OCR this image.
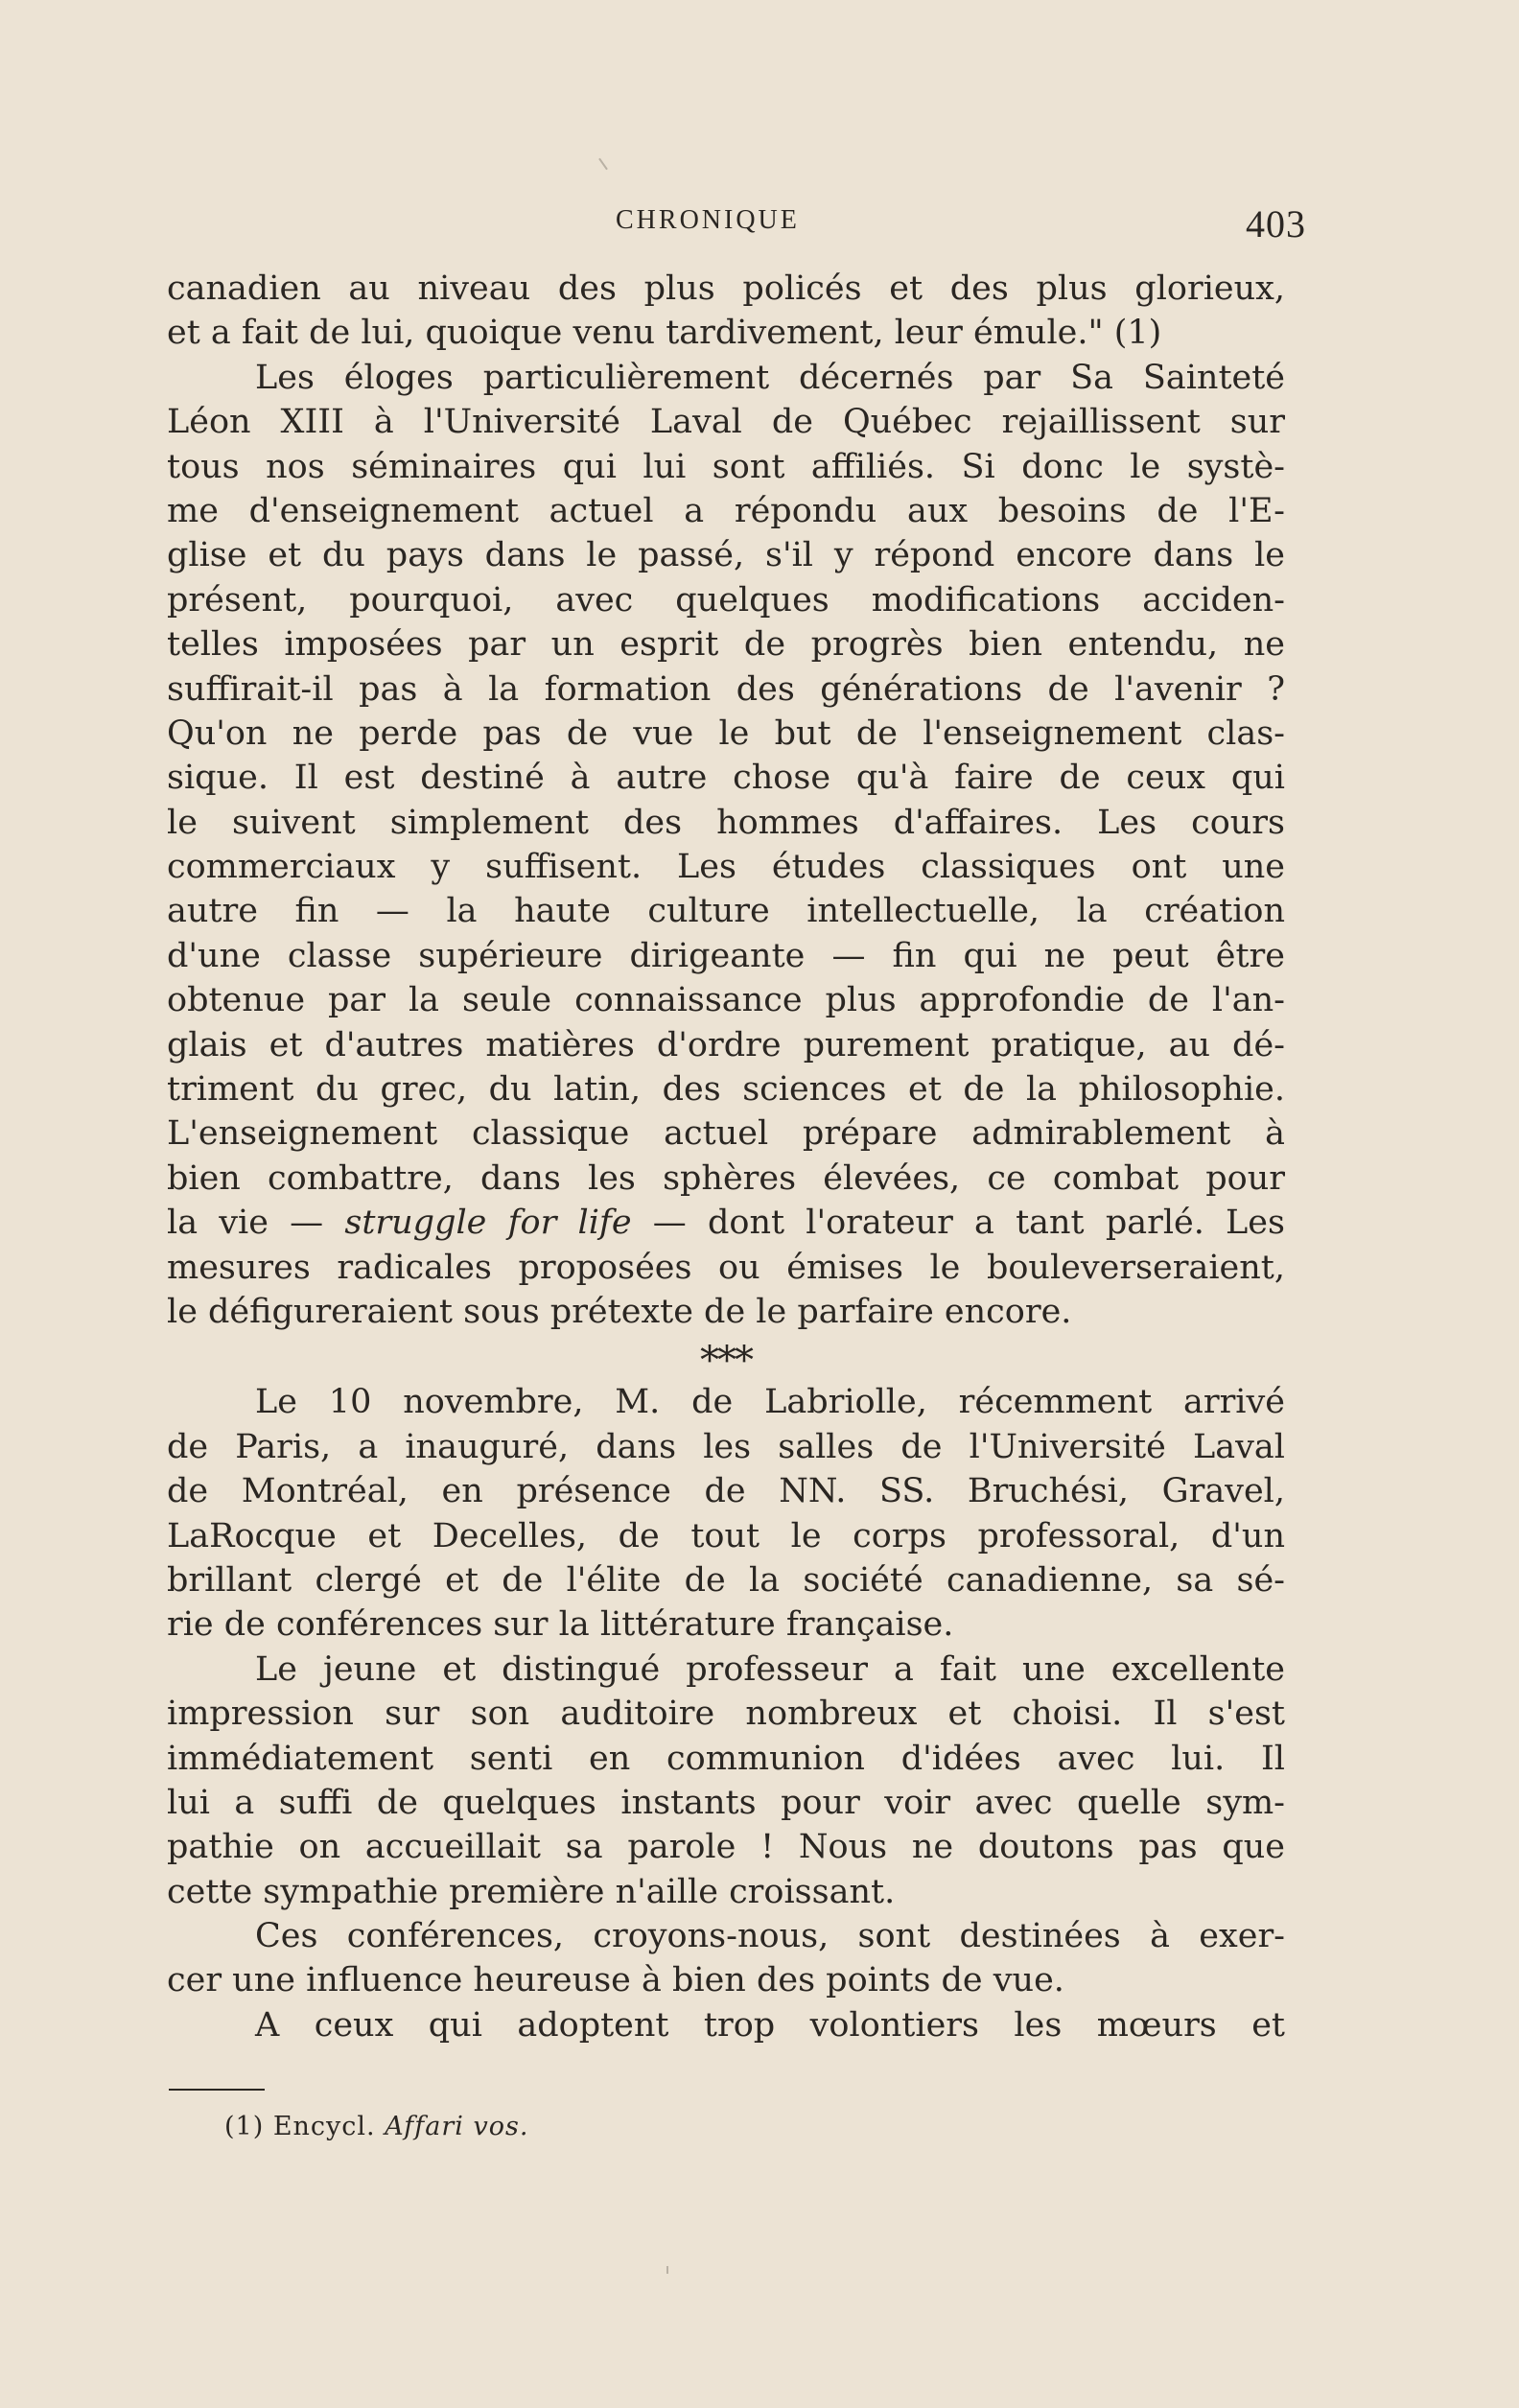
CHRONIQUE	403
canadien au niveau des plus policés et des plus glorieux,
et a fait de lui, quoique venu tardivement, leur émule." (1)
Les éloges particulièrement décernés par Sa Sainteté
Léon XIII à l'Université Laval de Québec rejaillissent sur
tous nos séminaires qui lui sont affiliés. Si donc le systè-
me d'enseignement actuel a répondu aux besoins de l'E-
glise et du pays dans le passé, s'il y répond encore dans le
présent, pourquoi, avec quelques modifications acciden-
telles imposées par un esprit de progrès bien entendu, ne
suffirait-il pas à la formation des générations de l'avenir ?
Qu'on ne perde pas de vue le but de l'enseignement clas-
sique. Il est destiné à autre chose qu'à faire de ceux qui
le suivent simplement des hommes d'affaires. Les cours
commerciaux y suffisent. Les études classiques ont une
autre fin — la haute culture intellectuelle, la création
d'une classe supérieure dirigeante — fin qui ne peut être
obtenue par la seule connaissance plus approfondie de l'an-
glais et d'autres matières d'ordre purement pratique, au dé-
triment du grec, du latin, des sciences et de la philosophie.
L'enseignement classique actuel prépare admirablement à
bien combattre, dans les sphères élevées, ce combat pour
la vie — struggle for life — dont l'orateur a tant parlé. Les
mesures radicales proposées ou émises le bouleverseraient,
le défigureraient sous prétexte de le parfaire encore.
***
Le 10 novembre, M. de Labriolle, récemment arrivé
de Paris, a inauguré, dans les salles de l'Université Laval
de Montréal, en présence de NN. SS. Bruchési, Gravel,
LaRocque et Decelles, de tout le corps professoral, d'un
brillant clergé et de l'élite de la société canadienne, sa sé-
rie de conférences sur la littérature française.
Le jeune et distingué professeur a fait une excellente
impression sur son auditoire nombreux et choisi. Il s'est
immédiatement senti en communion d'idées avec lui. Il
lui a suffi de quelques instants pour voir avec quelle sym-
pathie on accueillait sa parole ! Nous ne doutons pas que
cette sympathie première n'aille croissant.
Ces conférences, croyons-nous, sont destinées à exer-
cer une influence heureuse à bien des points de vue.
A ceux qui adoptent trop volontiers les mœurs et
(1) Encycl. Affari vos.
